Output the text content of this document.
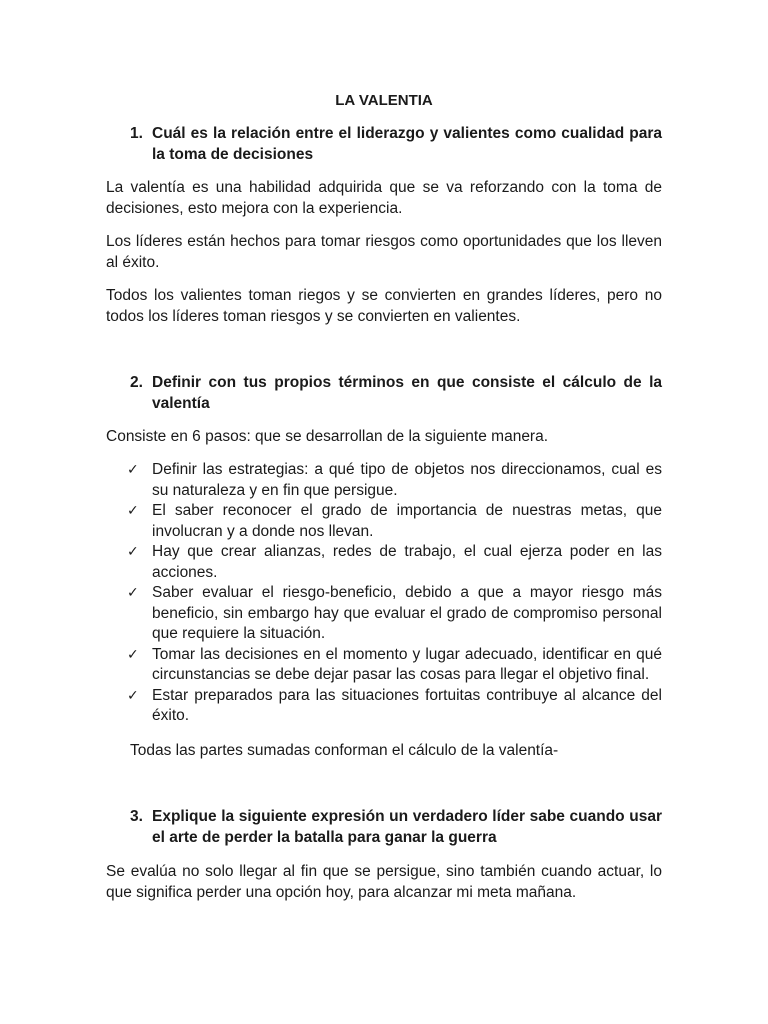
LA VALENTIA
1. Cuál es la relación entre el liderazgo y valientes como cualidad para la toma de decisiones

La valentía es una habilidad adquirida que se va reforzando con la toma de decisiones, esto mejora con la experiencia.

Los líderes están hechos para tomar riesgos como oportunidades que los lleven al éxito.

Todos los valientes toman riegos y se convierten en grandes líderes, pero no todos los líderes toman riesgos y se convierten en valientes.

2. Definir con tus propios términos en que consiste el cálculo de la valentía

Consiste en 6 pasos: que se desarrollan de la siguiente manera.

✓ Definir las estrategias: a qué tipo de objetos nos direccionamos, cual es su naturaleza y en fin que persigue.
✓ El saber reconocer el grado de importancia de nuestras metas, que involucran y a donde nos llevan.
✓ Hay que crear alianzas, redes de trabajo, el cual ejerza poder en las acciones.
✓ Saber evaluar el riesgo-beneficio, debido a que a mayor riesgo más beneficio, sin embargo hay que evaluar el grado de compromiso personal que requiere la situación.
✓ Tomar las decisiones en el momento y lugar adecuado, identificar en qué circunstancias se debe dejar pasar las cosas para llegar el objetivo final.
✓ Estar preparados para las situaciones fortuitas contribuye al alcance del éxito.

Todas las partes sumadas conforman el cálculo de la valentía-

3. Explique la siguiente expresión un verdadero líder sabe cuando usar el arte de perder la batalla para ganar la guerra

Se evalúa no solo llegar al fin que se persigue, sino también cuando actuar, lo que significa perder una opción hoy, para alcanzar mi meta mañana.
